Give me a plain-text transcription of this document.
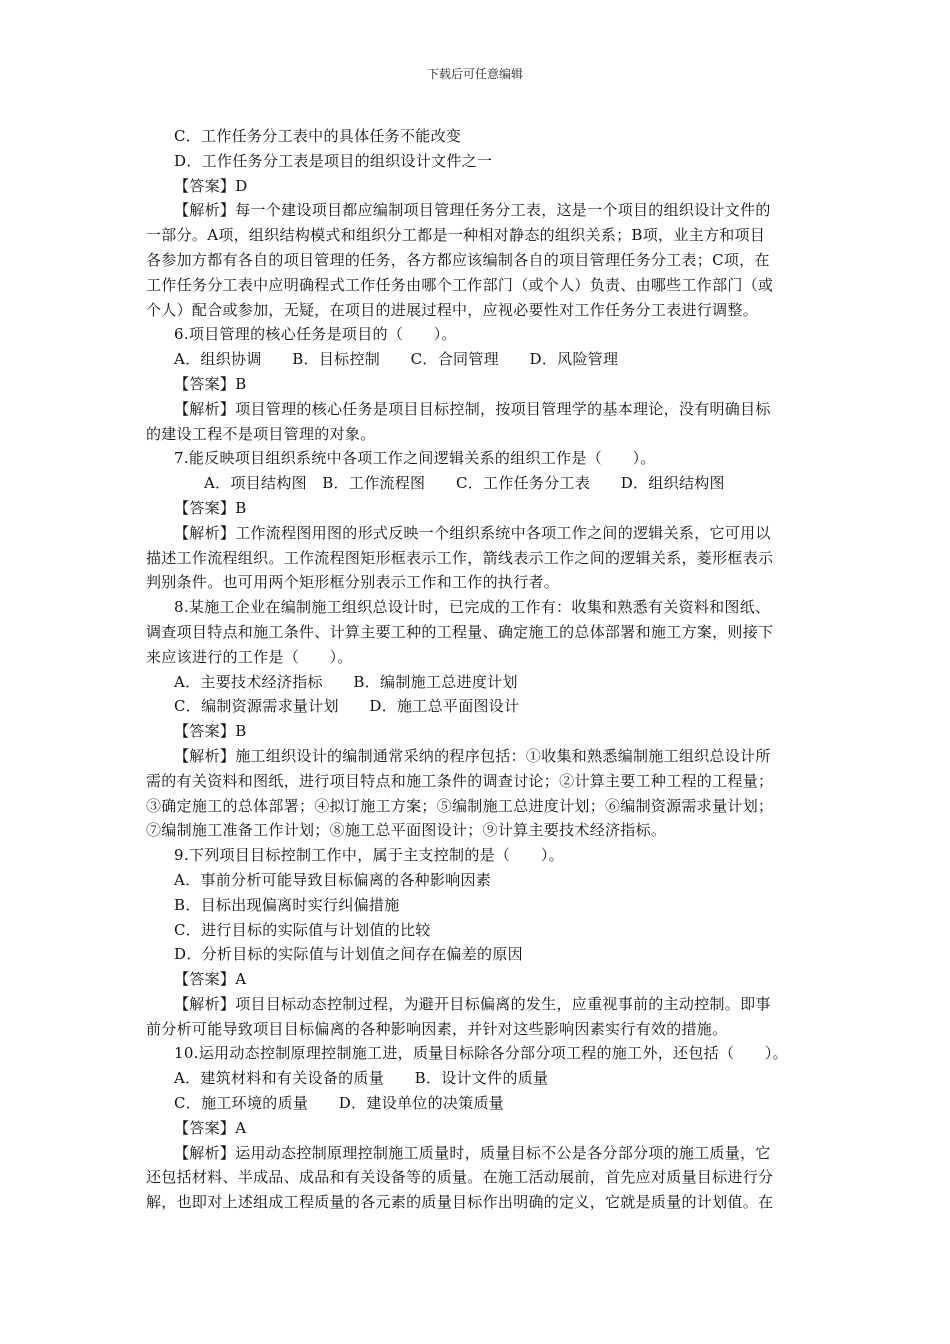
下载后可任意编辑

C．工作任务分工表中的具体任务不能改变

D．工作任务分工表是项目的组织设计文件之一

【答案】D

【解析】每一个建设项目都应编制项目管理任务分工表，这是一个项目的组织设计文件的

一部分。A项，组织结构模式和组织分工都是一种相对静态的组织关系；B项，业主方和项目

各参加方都有各自的项目管理的任务，各方都应该编制各自的项目管理任务分工表；C项，在

工作任务分工表中应明确程式工作任务由哪个工作部门（或个人）负责、由哪些工作部门（或

个人）配合或参加，无疑，在项目的进展过程中，应视必要性对工作任务分工表进行调整。

6.项目管理的核心任务是项目的（　　）。

A．组织协调　　B．目标控制　　C．合同管理　　D．风险管理

【答案】B

【解析】项目管理的核心任务是项目目标控制，按项目管理学的基本理论，没有明确目标

的建设工程不是项目管理的对象。

7.能反映项目组织系统中各项工作之间逻辑关系的组织工作是（　　）。

A．项目结构图　B．工作流程图　　C．工作任务分工表　　D．组织结构图

【答案】B

【解析】工作流程图用图的形式反映一个组织系统中各项工作之间的逻辑关系，它可用以

描述工作流程组织。工作流程图矩形框表示工作，箭线表示工作之间的逻辑关系，菱形框表示

判别条件。也可用两个矩形框分别表示工作和工作的执行者。

8.某施工企业在编制施工组织总设计时，已完成的工作有：收集和熟悉有关资料和图纸、

调查项目特点和施工条件、计算主要工种的工程量、确定施工的总体部署和施工方案，则接下

来应该进行的工作是（　　）。

A．主要技术经济指标　　B．编制施工总进度计划

C．编制资源需求量计划　　D．施工总平面图设计

【答案】B

【解析】施工组织设计的编制通常采纳的程序包括：①收集和熟悉编制施工组织总设计所

需的有关资料和图纸，进行项目特点和施工条件的调查讨论；②计算主要工种工程的工程量；

③确定施工的总体部署；④拟订施工方案；⑤编制施工总进度计划；⑥编制资源需求量计划；

⑦编制施工准备工作计划；⑧施工总平面图设计；⑨计算主要技术经济指标。

9.下列项目目标控制工作中，属于主支控制的是（　　）。

A．事前分析可能导致目标偏离的各种影响因素

B．目标出现偏离时实行纠偏措施

C．进行目标的实际值与计划值的比较

D．分析目标的实际值与计划值之间存在偏差的原因

【答案】A

【解析】项目目标动态控制过程，为避开目标偏离的发生，应重视事前的主动控制。即事

前分析可能导致项目目标偏离的各种影响因素，并针对这些影响因素实行有效的措施。

10.运用动态控制原理控制施工进，质量目标除各分部分项工程的施工外，还包括（　　）。

A．建筑材料和有关设备的质量　　B．设计文件的质量

C．施工环境的质量　　D．建设单位的决策质量

【答案】A

【解析】运用动态控制原理控制施工质量时，质量目标不公是各分部分项的施工质量，它

还包括材料、半成品、成品和有关设备等的质量。在施工活动展前，首先应对质量目标进行分

解，也即对上述组成工程质量的各元素的质量目标作出明确的定义，它就是质量的计划值。在
